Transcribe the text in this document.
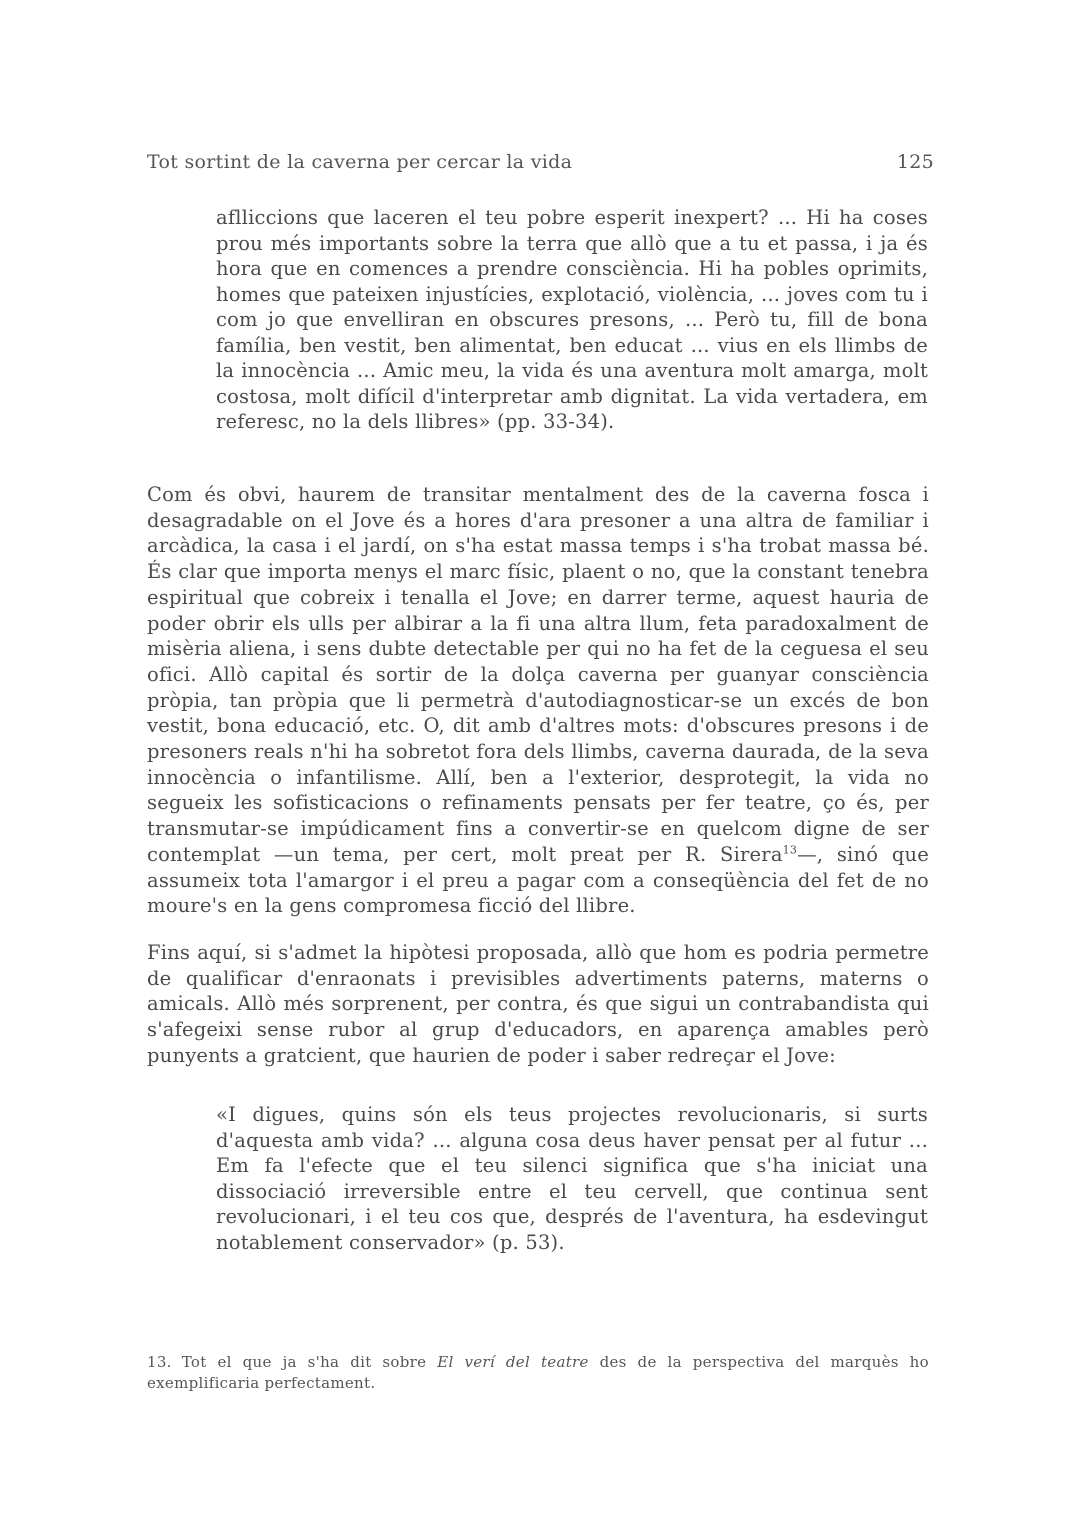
Tot sortint de la caverna per cercar la vida	125

aflliccions que laceren el teu pobre esperit inexpert? ... Hi ha coses prou més importants sobre la terra que allò que a tu et passa, i ja és hora que en comences a prendre consciència. Hi ha pobles oprimits, homes que pateixen injustícies, explotació, violència, ... joves com tu i com jo que envelliran en obscures presons, ... Però tu, fill de bona família, ben vestit, ben alimentat, ben educat ... vius en els llimbs de la innocència ... Amic meu, la vida és una aventura molt amarga, molt costosa, molt difícil d'interpretar amb dignitat. La vida vertadera, em referesc, no la dels llibres» (pp. 33-34).

Com és obvi, haurem de transitar mentalment des de la caverna fosca i desagradable on el Jove és a hores d'ara presoner a una altra de familiar i arcàdica, la casa i el jardí, on s'ha estat massa temps i s'ha trobat massa bé. És clar que importa menys el marc físic, plaent o no, que la constant tenebra espiritual que cobreix i tenalla el Jove; en darrer terme, aquest hauria de poder obrir els ulls per albirar a la fi una altra llum, feta paradoxalment de misèria aliena, i sens dubte detectable per qui no ha fet de la ceguesa el seu ofici. Allò capital és sortir de la dolça caverna per guanyar consciència pròpia, tan pròpia que li permetrà d'autodiagnosticar-se un excés de bon vestit, bona educació, etc. O, dit amb d'altres mots: d'obscures presons i de presoners reals n'hi ha sobretot fora dels llimbs, caverna daurada, de la seva innocència o infantilisme. Allí, ben a l'exterior, desprotegit, la vida no segueix les sofisticacions o refinaments pensats per fer teatre, ço és, per transmutar-se impúdicament fins a convertir-se en quelcom digne de ser contemplat —un tema, per cert, molt preat per R. Sirera$^{13}$—, sinó que assumeix tota l'amargor i el preu a pagar com a conseqüència del fet de no moure's en la gens compromesa ficció del llibre.

Fins aquí, si s'admet la hipòtesi proposada, allò que hom es podria permetre de qualificar d'enraonats i previsibles advertiments paterns, materns o amicals. Allò més sorprenent, per contra, és que sigui un contrabandista qui s'afegeixi sense rubor al grup d'educadors, en aparença amables però punyents a gratcient, que haurien de poder i saber redreçar el Jove:

«I digues, quins són els teus projectes revolucionaris, si surts d'aquesta amb vida? ... alguna cosa deus haver pensat per al futur ... Em fa l'efecte que el teu silenci significa que s'ha iniciat una dissociació irreversible entre el teu cervell, que continua sent revolucionari, i el teu cos que, després de l'aventura, ha esdevingut notablement conservador» (p. 53).

13. Tot el que ja s'ha dit sobre El verí del teatre des de la perspectiva del marquès ho exemplificaria perfectament.
